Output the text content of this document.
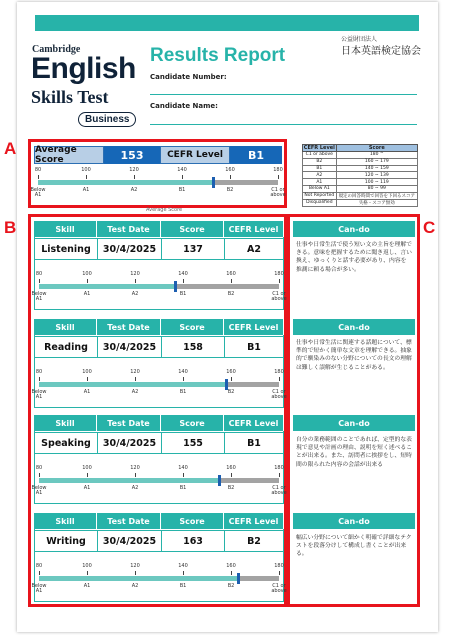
Cambridge
English
Skills Test
Business
公益財団法人
日本英語検定協会
Results Report
Candidate Number:
Candidate Name:
A
B	C
Average Score	153	CEFR Level	B1
80	100	120	140	160	180
Below A1
A1	A2	B1	B2	C1 or above
Average Score
CEFR Level	Score
C1 or above	180 ^
B2	160 ~ 179
B1	140 ~ 159
A2	120 ~ 139
A1	100 ~ 119
Below A1	80 ~ 99
Not Reported	規定の回答時間で回答を下回るスコア
Disqualified	失格・スコア無効
Skill	Test Date	Score	CEFR Level
Listening	30/4/2025	137	A2
80	100	120	140	160	180
Below A1
A1	A2	B1	B2	C1 or above
Can-do
仕事や日常生活で使う短い文の主旨を理解できる。意味を把握するために聞き返し、言い換え、ゆっくりと話す必要があり、内容を推測に頼る場合が多い。
Skill	Test Date	Score	CEFR Level
Reading	30/4/2025	158	B1
80	100	120	140	160	180
Below A1
A1	A2	B1	B2	C1 or above
Can-do
仕事や日常生活に関連する話題について、標準的で短かく簡単な文章を理解できる。抽象的で馴染みのない分野についての長文の理解は難しく誤解が生じることがある。
Skill	Test Date	Score	CEFR Level
Speaking	30/4/2025	155	B1
80	100	120	140	160	180
Below A1
A1	A2	B1	B2	C1 or above
Can-do
自分の業務範囲のことであれば、定型的な表現で意見や計画の理由、説明を短く述べることが出来る。また、訪問者に挨拶をし、短時間の限られた内容の会話が出来る
Skill	Test Date	Score	CEFR Level
Writing	30/4/2025	163	B2
80	100	120	140	160	180
Below A1
A1	A2	B1	B2	C1 or above
Can-do
幅広い分野について細かく明確で詳細なテクストを段落分けして構成し書くことが出来る。
